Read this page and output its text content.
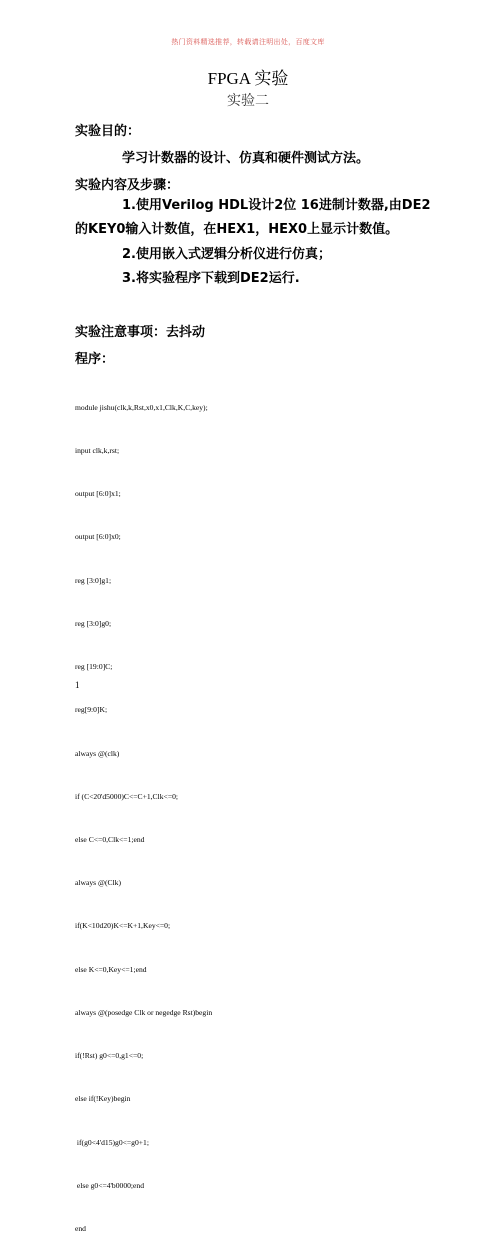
热门资料精选推荐，转载请注明出处，百度文库
FPGA 实验
实验二
实验目的：
学习计数器的设计、仿真和硬件测试方法。
实验内容及步骤：
1.使用Verilog HDL设计2位 16进制计数器,由DE2
的KEY0输入计数值，在HEX1，HEX0上显示计数值。
2.使用嵌入式逻辑分析仪进行仿真；
3.将实验程序下载到DE2运行.
实验注意事项：去抖动
程序：

module jishu(clk,k,Rst,x0,x1,Clk,K,C,key);

input clk,k,rst;

output [6:0]x1;

output [6:0]x0;

reg [3:0]g1;

reg [3:0]g0;

reg [19:0]C;

reg[9:0]K;

always @(clk)

if (C<20'd5000)C<=C+1,Clk<=0;

else C<=0,Clk<=1;end

always @(Clk)

if(K<10d20)K<=K+1,Key<=0;

else K<=0,Key<=1;end

always @(posedge Clk or negedge Rst)begin

if(!Rst) g0<=0,g1<=0;

else if(!Key)begin

if(g0<4'd15)g0<=g0+1;

else g0<=4'b0000;end

end

1
